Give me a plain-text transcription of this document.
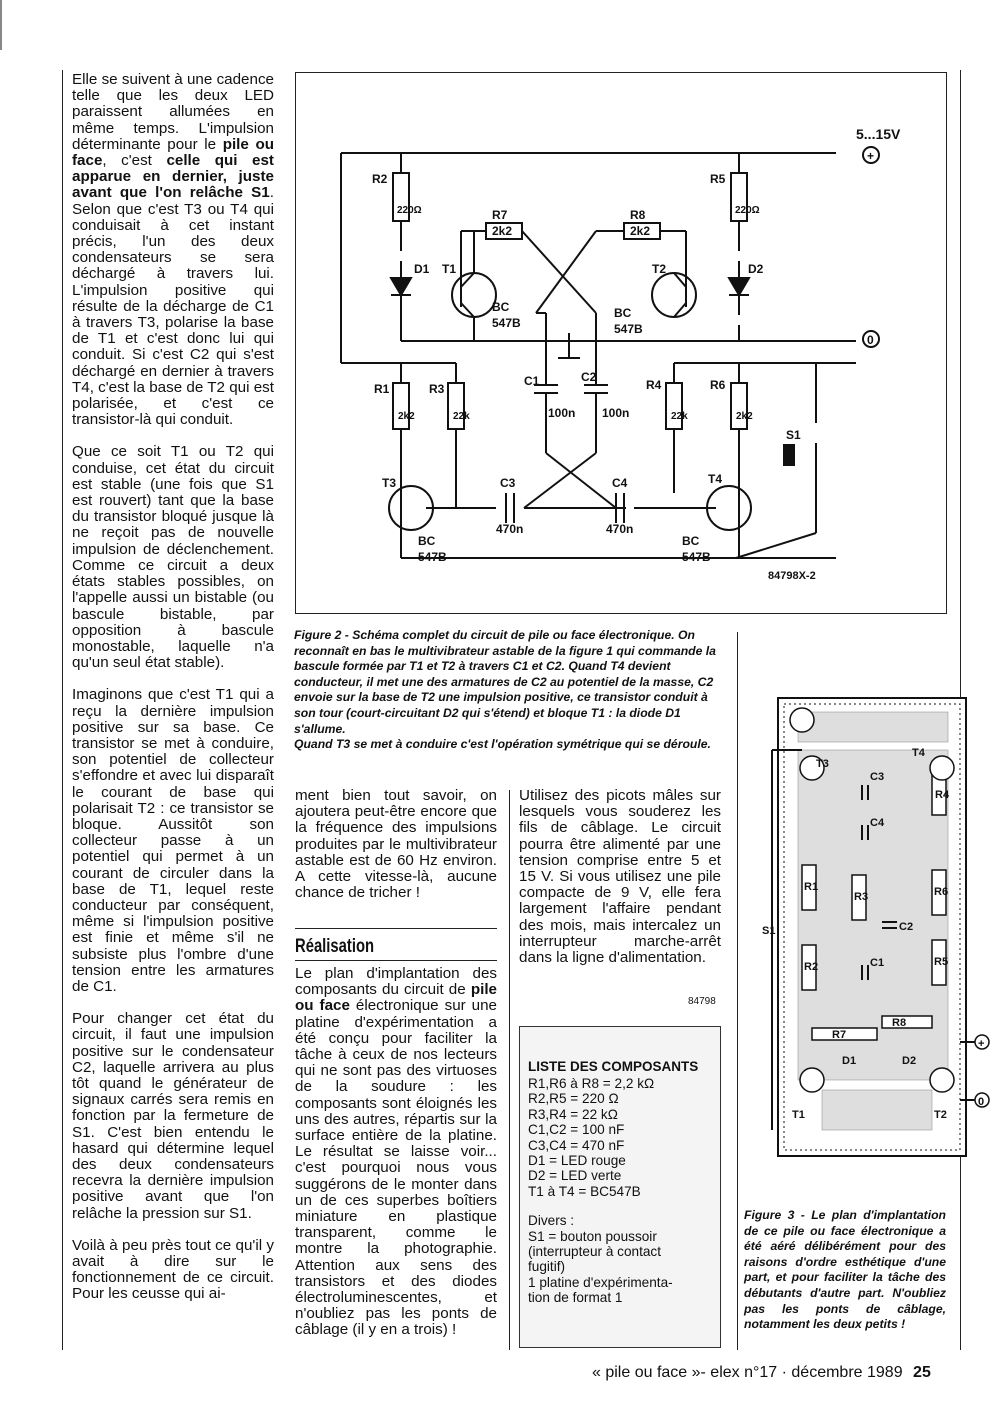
Elle se suivent à une cadence telle que les deux LED paraissent allumées en même temps. L'impulsion déterminante pour le pile ou face, c'est celle qui est apparue en dernier, juste avant que l'on relâche S1. Selon que c'est T3 ou T4 qui conduisait à cet instant précis, l'un des deux condensateurs se sera déchargé à travers lui. L'impulsion positive qui résulte de la décharge de C1 à travers T3, polarise la base de T1 et c'est donc lui qui conduit. Si c'est C2 qui s'est déchargé en dernier à travers T4, c'est la base de T2 qui est polarisée, et c'est ce transistor-là qui conduit.

Que ce soit T1 ou T2 qui conduise, cet état du circuit est stable (une fois que S1 est rouvert) tant que la base du transistor bloqué jusque là ne reçoit pas de nouvelle impulsion de déclenchement. Comme ce circuit a deux états stables possibles, on l'appelle aussi un bistable (ou bascule bistable, par opposition à bascule monostable, laquelle n'a qu'un seul état stable).

Imaginons que c'est T1 qui a reçu la dernière impulsion positive sur sa base. Ce transistor se met à conduire, son potentiel de collecteur s'effondre et avec lui disparaît le courant de base qui polarisait T2 : ce transistor se bloque. Aussitôt son collecteur passe à un potentiel qui permet à un courant de circuler dans la base de T1, lequel reste conducteur par conséquent, même si l'impulsion positive est finie et même s'il ne subsiste plus l'ombre d'une tension entre les armatures de C1.

Pour changer cet état du circuit, il faut une impulsion positive sur le condensateur C2, laquelle arrivera au plus tôt quand le générateur de signaux carrés sera remis en fonction par la fermeture de S1. C'est bien entendu le hasard qui détermine lequel des deux condensateurs recevra la dernière impulsion positive avant que l'on relâche la pression sur S1.

Voilà à peu près tout ce qu'il y avait à dire sur le fonctionnement de ce circuit. Pour les ceusse qui ai-

5...15V
+
0
R2
220Ω
R5
220Ω
R7
2k2
R8
2k2
D1	D2
T1	T2
BC
547B
BC
547B
R1
2k2
R3
22k
R4
22k
R6
2k2
C1
100n
C2
100n
C3
470n
C4
470n
T3	T4
BC
547B
BC
547B
S1
84798X-2

Figure 2 - Schéma complet du circuit de pile ou face électronique. On reconnaît en bas le multivibrateur astable de la figure 1 qui commande la bascule formée par T1 et T2 à travers C1 et C2. Quand T4 devient conducteur, il met une des armatures de C2 au potentiel de la masse, C2 envoie sur la base de T2 une impulsion positive, ce transistor conduit à son tour (court-circuitant D2 qui s'étend) et bloque T1 : la diode D1 s'allume.

Quand T3 se met à conduire c'est l'opération symétrique qui se déroule.

ment bien tout savoir, on ajoutera peut-être encore que la fréquence des impulsions produites par le multivibrateur astable est de 60 Hz environ. A cette vitesse-là, aucune chance de tricher !

Réalisation

Le plan d'implantation des composants du circuit de pile ou face électronique sur une platine d'expérimentation a été conçu pour faciliter la tâche à ceux de nos lecteurs qui ne sont pas des virtuoses de la soudure : les composants sont éloignés les uns des autres, répartis sur la surface entière de la platine. Le résultat se laisse voir... c'est pourquoi nous vous suggérons de le monter dans un de ces superbes boîtiers miniature en plastique transparent, comme le montre la photographie. Attention aux sens des transistors et des diodes électroluminescentes, et n'oubliez pas les ponts de câblage (il y en a trois) !

Utilisez des picots mâles sur lesquels vous souderez les fils de câblage. Le circuit pourra être alimenté par une tension comprise entre 5 et 15 V. Si vous utilisez une pile compacte de 9 V, elle fera largement l'affaire pendant des mois, mais intercalez un interrupteur marche-arrêt dans la ligne d'alimentation.

84798
LISTE DES COMPOSANTS
R1,R6 à R8 = 2,2 kΩ
R2,R5 = 220 Ω
R3,R4 = 22 kΩ
C1,C2 = 100 nF
C3,C4 = 470 nF
D1 = LED rouge
D2 = LED verte
T1 à T4 = BC547B
Divers :
S1 = bouton poussoir
(interrupteur à contact
fugitif)
1 platine d'expérimenta-
tion de format 1
T3
T4
C3
C4
R4
R1
R3	R6
C2
S1
C1
R2	R5
R7
R8
D1	D2
T1	T2
+
0

Figure 3 - Le plan d'implantation de ce pile ou face électronique a été aéré délibérément pour des raisons d'ordre esthétique d'une part, et pour faciliter la tâche des débutants d'autre part. N'oubliez pas les ponts de câblage, notamment les deux petits !

« pile ou face »- elex n°17 · décembre 1989 25
